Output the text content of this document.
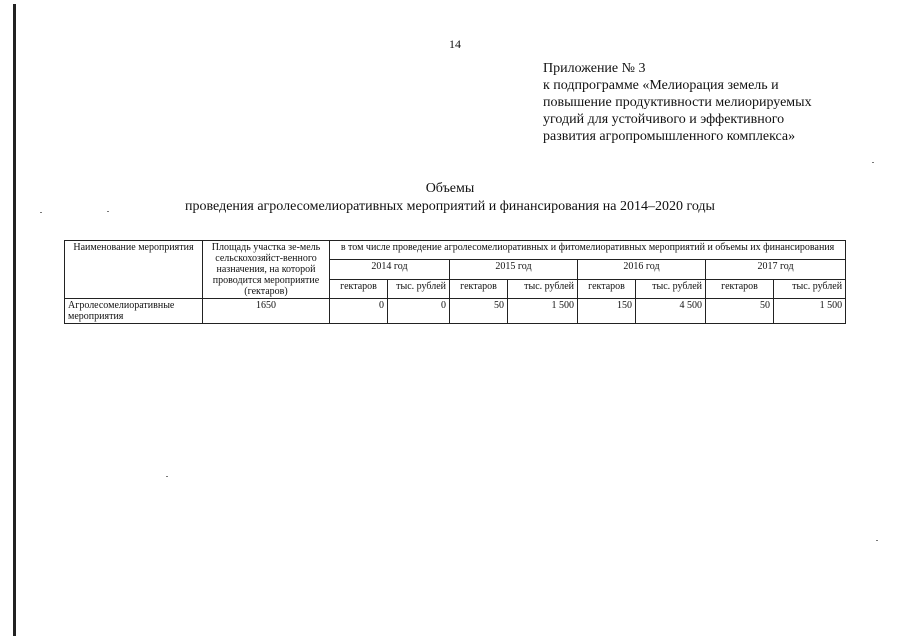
14
Приложение № 3
к подпрограмме «Мелиорация земель и
повышение продуктивности мелиорируемых
угодий для устойчивого и эффективного
развития агропромышленного комплекса»
Объемы
проведения агролесомелиоративных мероприятий и финансирования на 2014–2020 годы
Наименование мероприятия	Площадь участка зе-мель сельскохозяйст-венного назначения, на которой проводится мероприятие (гектаров)	в том числе проведение агролесомелиоративных и фитомелиоративных мероприятий и объемы их финансирования							
		2014 год		2015 год		2016 год		2017 год	
		гектаров	тыс. рублей	гектаров	тыс. рублей	гектаров	тыс. рублей	гектаров	тыс. рублей
Агролесомелиоративные мероприятия	1650	0	0	50	1 500	150	4 500	50	1 500
